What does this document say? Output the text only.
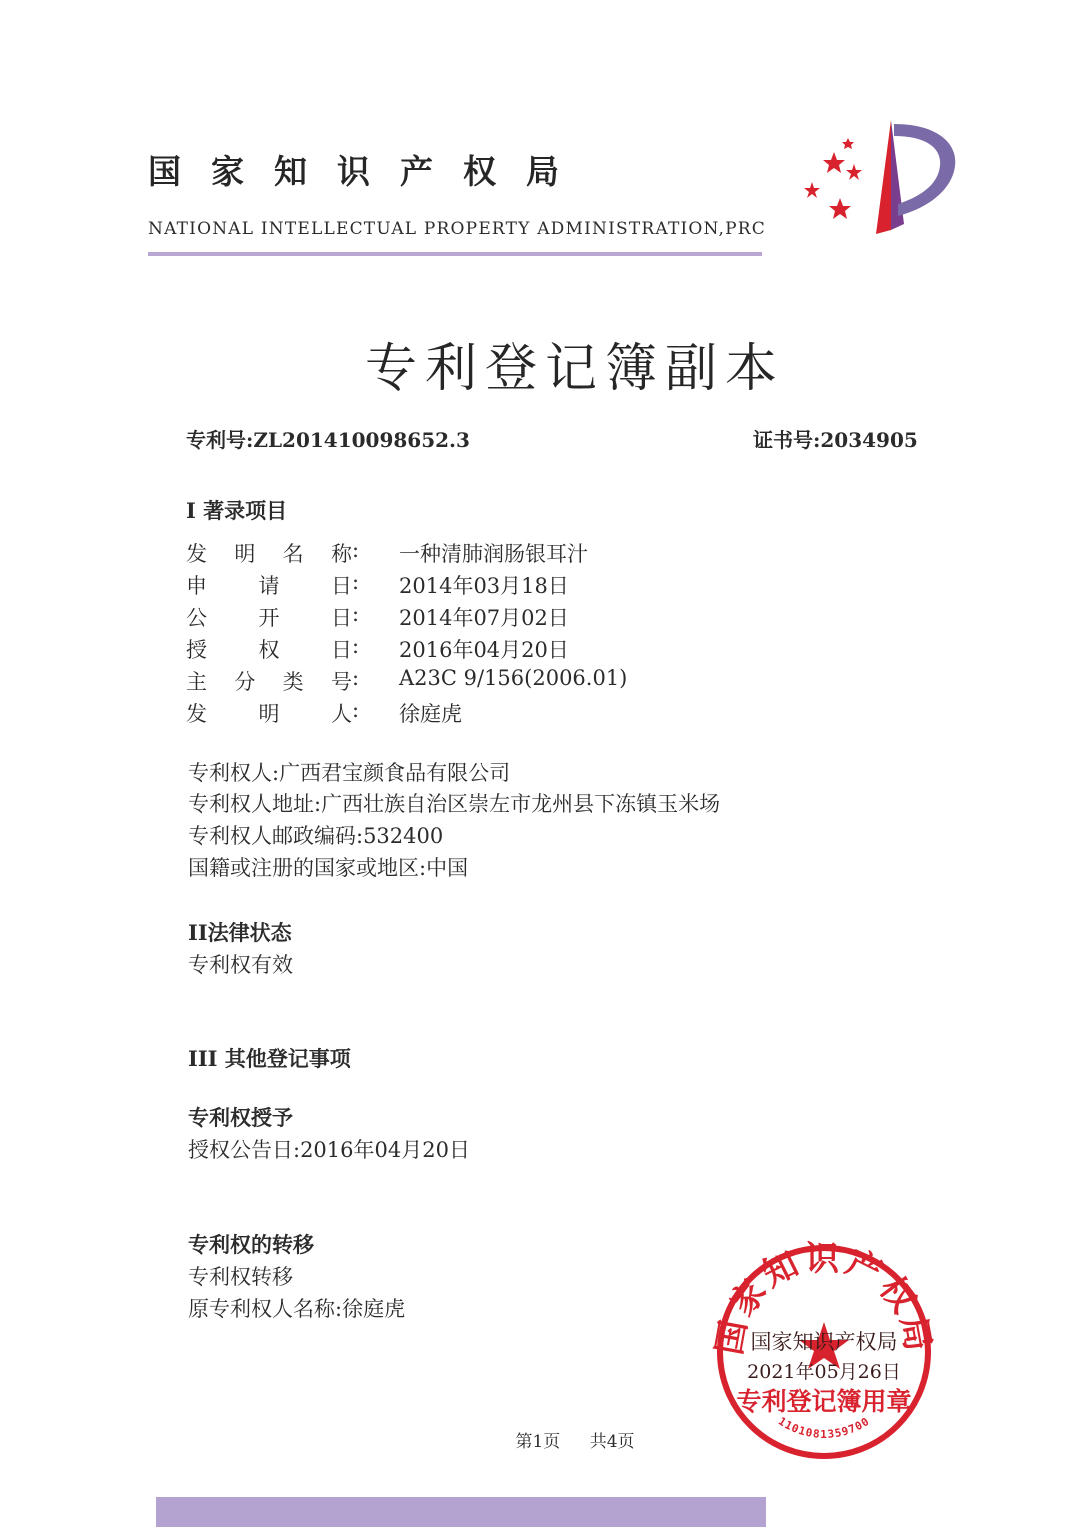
国家知识产权局
NATIONAL INTELLECTUAL PROPERTY ADMINISTRATION,PRC
专利登记簿副本
专利号:ZL201410098652.3	证书号:2034905
I 著录项目
发 明 名 称 : 一种清肺润肠银耳汁
申 请 日 : 2014年03月18日
公 开 日 : 2014年07月02日
授 权 日 : 2016年04月20日
主 分 类 号 : A23C 9/156(2006.01)
发 明 人 : 徐庭虎
专利权人:广西君宝颜食品有限公司
专利权人地址:广西壮族自治区崇左市龙州县下冻镇玉米场
专利权人邮政编码:532400
国籍或注册的国家或地区:中国
II法律状态
专利权有效
III 其他登记事项
专利权授予
授权公告日:2016年04月20日
专利权的转移
专利权转移
原专利权人名称:徐庭虎
第1页 共4页
国家知识产权局
1101081359700
国家知识产权局
2021年05月26日
专利登记簿用章
